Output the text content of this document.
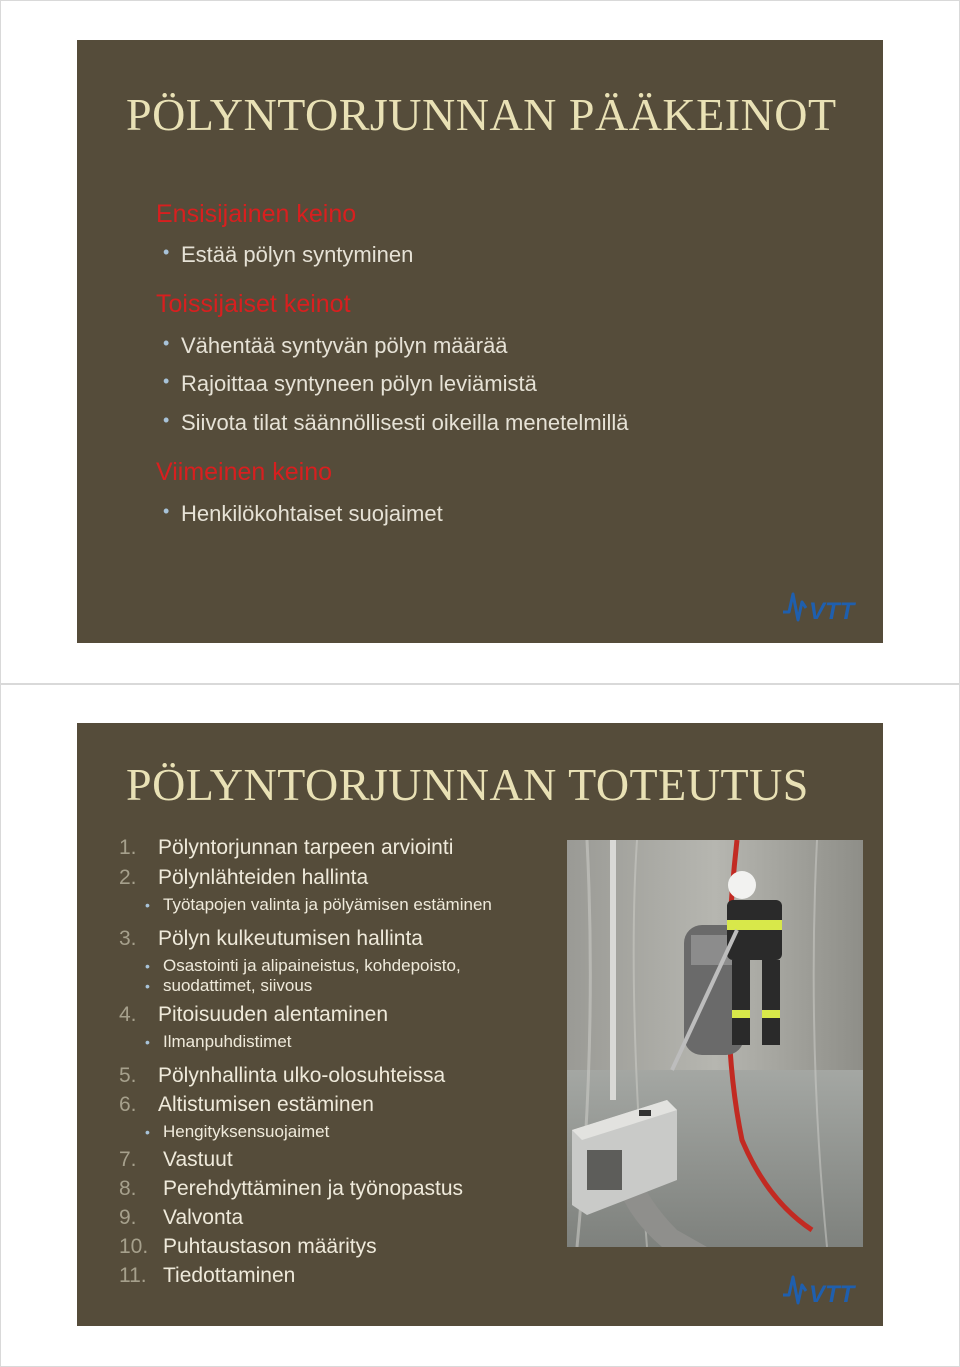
PÖLYNTORJUNNAN PÄÄKEINOT
Ensisijainen keino
• Estää pölyn syntyminen
Toissijaiset keinot
• Vähentää syntyvän pölyn määrää
• Rajoittaa syntyneen pölyn leviämistä
• Siivota tilat säännöllisesti oikeilla menetelmillä
Viimeinen keino
• Henkilökohtaiset suojaimet
VTT
PÖLYNTORJUNNAN TOTEUTUS
1. Pölyntorjunnan tarpeen arviointi
2. Pölynlähteiden hallinta
• Työtapojen valinta ja pölyämisen estäminen
3. Pölyn kulkeutumisen hallinta
• Osastointi ja alipaineistus, kohdepoisto,
• suodattimet, siivous
4. Pitoisuuden alentaminen
• Ilmanpuhdistimet
5. Pölynhallinta ulko-olosuhteissa
6. Altistumisen estäminen
• Hengityksensuojaimet
7. Vastuut
8. Perehdyttäminen ja työnopastus
9. Valvonta
10. Puhtaustason määritys
11. Tiedottaminen
VTT
